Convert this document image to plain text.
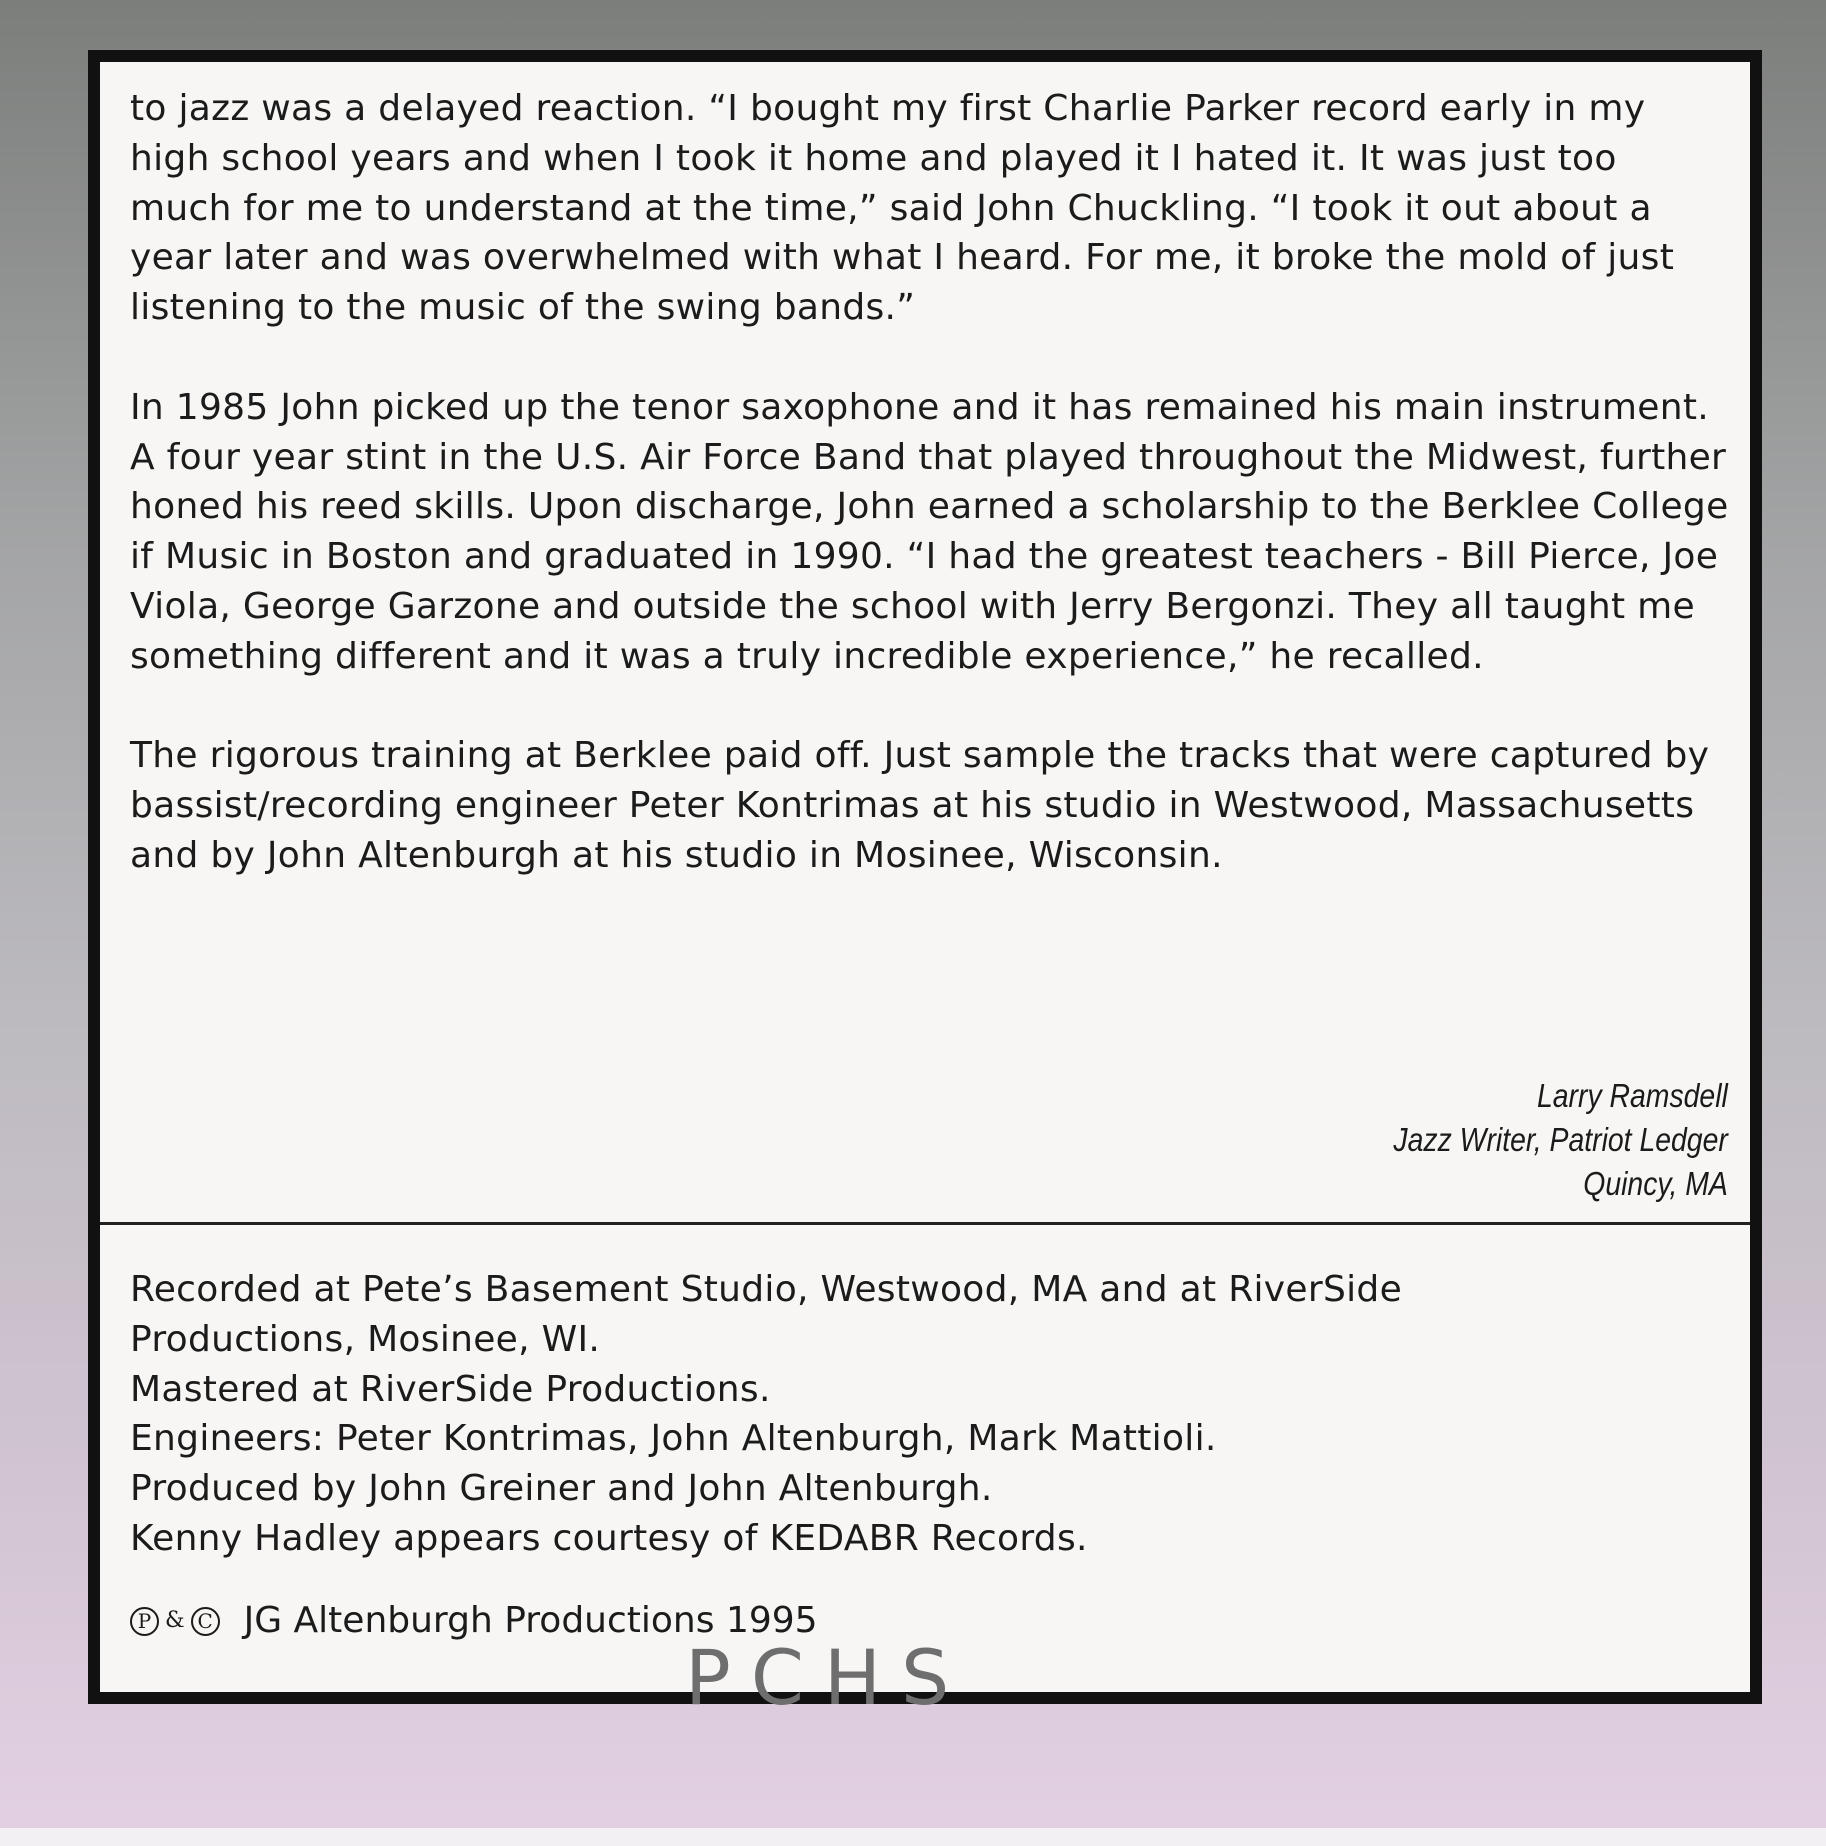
to jazz was a delayed reaction. “I bought my first Charlie Parker record early in my high school years and when I took it home and played it I hated it. It was just too much for me to understand at the time,” said John Chuckling. “I took it out about a year later and was overwhelmed with what I heard. For me, it broke the mold of just listening to the music of the swing bands.”

In 1985 John picked up the tenor saxophone and it has remained his main instrument. A four year stint in the U.S. Air Force Band that played throughout the Midwest, further honed his reed skills. Upon discharge, John earned a scholarship to the Berklee College if Music in Boston and graduated in 1990. “I had the greatest teachers - Bill Pierce, Joe Viola, George Garzone and outside the school with Jerry Bergonzi. They all taught me something different and it was a truly incredible experience,” he recalled.

The rigorous training at Berklee paid off. Just sample the tracks that were captured by bassist/recording engineer Peter Kontrimas at his studio in Westwood, Massachusetts and by John Altenburgh at his studio in Mosinee, Wisconsin.

Larry Ramsdell
Jazz Writer, Patriot Ledger
Quincy, MA
Recorded at Pete’s Basement Studio, Westwood, MA and at RiverSide
Productions, Mosinee, WI.
Mastered at RiverSide Productions.
Engineers: Peter Kontrimas, John Altenburgh, Mark Mattioli.
Produced by John Greiner and John Altenburgh.
Kenny Hadley appears courtesy of KEDABR Records.
P & C JG Altenburgh Productions 1995
PCHS
